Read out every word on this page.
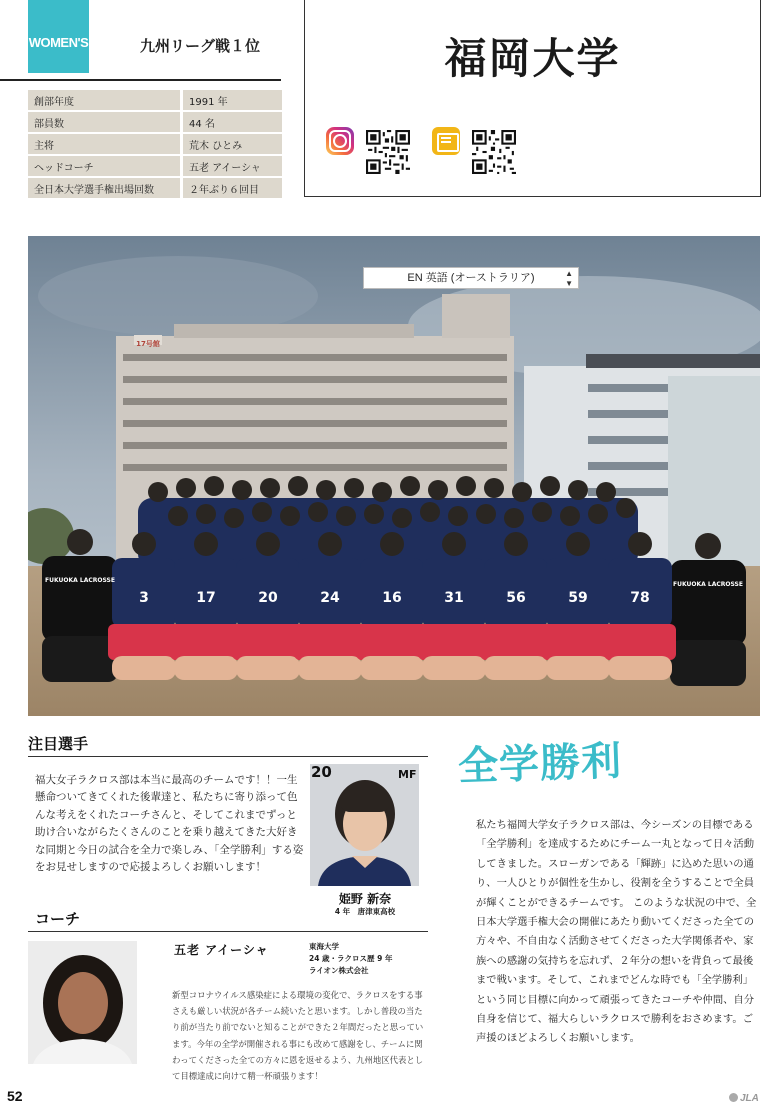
WOMEN'S	九州リーグ戦１位
創部年度	1991 年
部員数	44 名
主将	荒木 ひとみ
ヘッドコーチ	五老 アイーシャ
全日本大学選手権出場回数	２年ぶり６回目
福岡大学
3	17	20	24	16	31	56	59	78
FUKUOKA LACROSSE
FUKUOKA LACROSSE
17号館
EN 英語 (オーストラリア)	▲
▼
注目選手
福大女子ラクロス部は本当に最高のチームです！！一生懸命ついてきてくれた後輩達と、私たちに寄り添って色んな考えをくれたコーチさんと、そしてこれまでずっと助け合いながらたくさんのことを乗り越えてきた大好きな同期と今日の試合を全力で楽しみ、「全学勝利」する姿をお見せしますので応援よろしくお願いします！
20	MF
姫野 新奈
4 年　唐津東高校
コーチ
五老 アイーシャ	東海大学
24 歳・ラクロス歴 9 年
ライオン株式会社
新型コロナウイルス感染症による環境の変化で、ラクロスをする事さえも厳しい状況が各チーム続いたと思います。しかし普段の当たり前が当たり前でないと知ることができた２年間だったと思っています。今年の全学が開催される事にも改めて感謝をし、チームに関わってくださった全ての方々に恩を返せるよう、九州地区代表として目標達成に向けて精一杯頑張ります！
全学勝利
私たち福岡大学女子ラクロス部は、今シーズンの目標である「全学勝利」を達成するためにチーム一丸となって日々活動してきました。スローガンである「輝跡」に込めた思いの通り、一人ひとりが個性を生かし、役割を全うすることで全員が輝くことができるチームです。 このような状況の中で、全日本大学選手権大会の開催にあたり動いてくださった全ての方々や、不自由なく活動させてくださった大学関係者や、家族への感謝の気持ちを忘れず、２年分の想いを背負って最後まで戦います。そして、これまでどんな時でも「全学勝利」という同じ目標に向かって頑張ってきたコーチや仲間、自分自身を信じて、福大らしいラクロスで勝利をおさめます。ご声援のほどよろしくお願いします。
52	JLA
